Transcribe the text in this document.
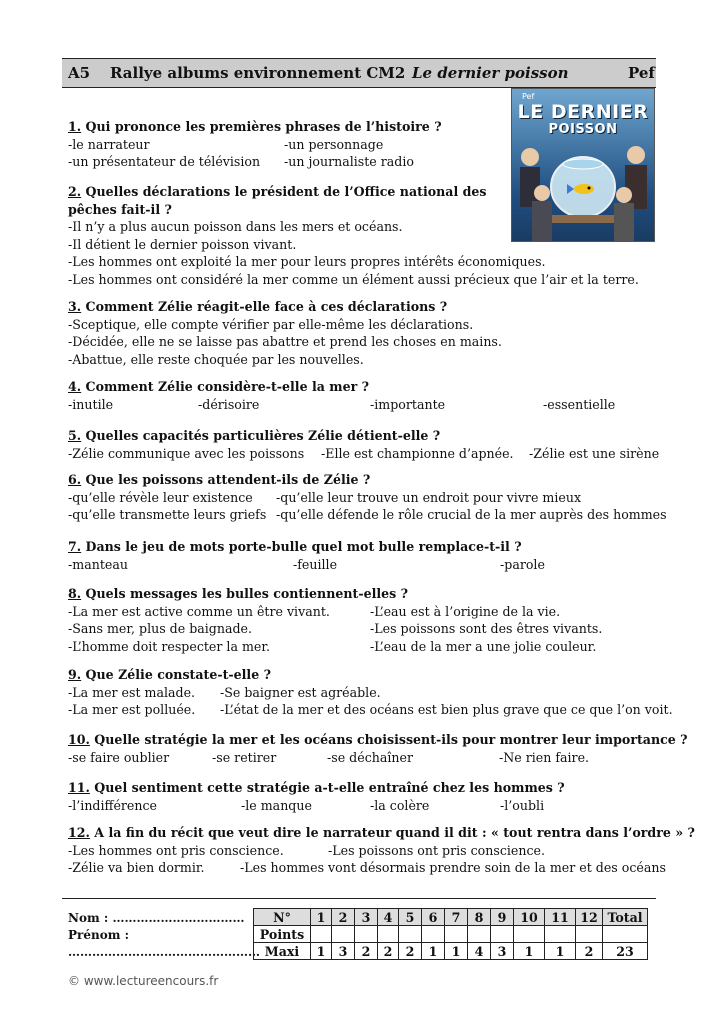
A5 Rallye albums environnement CM2 Le dernier poisson	Pef
Pef
LE DERNIER
POISSON
1. Qui prononce les premières phrases de l’histoire ?
-le narrateur	-un personnage
-un présentateur de télévision -un journaliste radio
2. Quelles déclarations le président de l’Office national des
pêches fait-il ?
-Il n’y a plus aucun poisson dans les mers et océans.
-Il détient le dernier poisson vivant.
-Les hommes ont exploité la mer pour leurs propres intérêts économiques.
-Les hommes ont considéré la mer comme un élément aussi précieux que l’air et la terre.
3. Comment Zélie réagit-elle face à ces déclarations ?
-Sceptique, elle compte vérifier par elle-même les déclarations.
-Décidée, elle ne se laisse pas abattre et prend les choses en mains.
-Abattue, elle reste choquée par les nouvelles.
4. Comment Zélie considère-t-elle la mer ?
-inutile	-dérisoire	-importante	-essentielle
5. Quelles capacités particulières Zélie détient-elle ?
-Zélie communique avec les poissons -Elle est championne d’apnée. -Zélie est une sirène
6. Que les poissons attendent-ils de Zélie ?
-qu’elle révèle leur existence -qu’elle leur trouve un endroit pour vivre mieux
-qu’elle transmette leurs griefs -qu’elle défende le rôle crucial de la mer auprès des hommes
7. Dans le jeu de mots porte-bulle quel mot bulle remplace-t-il ?
-manteau	-feuille	-parole
8. Quels messages les bulles contiennent-elles ?
-La mer est active comme un être vivant.	-L’eau est à l’origine de la vie.
-Sans mer, plus de baignade.	-Les poissons sont des êtres vivants.
-L’homme doit respecter la mer.	-L’eau de la mer a une jolie couleur.
9. Que Zélie constate-t-elle ?
-La mer est malade. -Se baigner est agréable.
-La mer est polluée. -L’état de la mer et des océans est bien plus grave que ce que l’on voit.
10. Quelle stratégie la mer et les océans choisissent-ils pour montrer leur importance ?
-se faire oublier	-se retirer	-se déchaîner	-Ne rien faire.
11. Quel sentiment cette stratégie a-t-elle entraîné chez les hommes ?
-l’indifférence	-le manque	-la colère	-l’oubli
12. A la fin du récit que veut dire le narrateur quand il dit : « tout rentra dans l’ordre » ?
-Les hommes ont pris conscience.	-Les poissons ont pris conscience.
-Zélie va bien dormir.	-Les hommes vont désormais prendre soin de la mer et des océans
Nom : ……………………………
Prénom :
…………………………………………
N°	1	2	3	4	5	6	7	8	9	10	11	12	Total
Points													
Maxi	1	3	2	2	2	1	1	4	3	1	1	2	23
© www.lectureencours.fr
